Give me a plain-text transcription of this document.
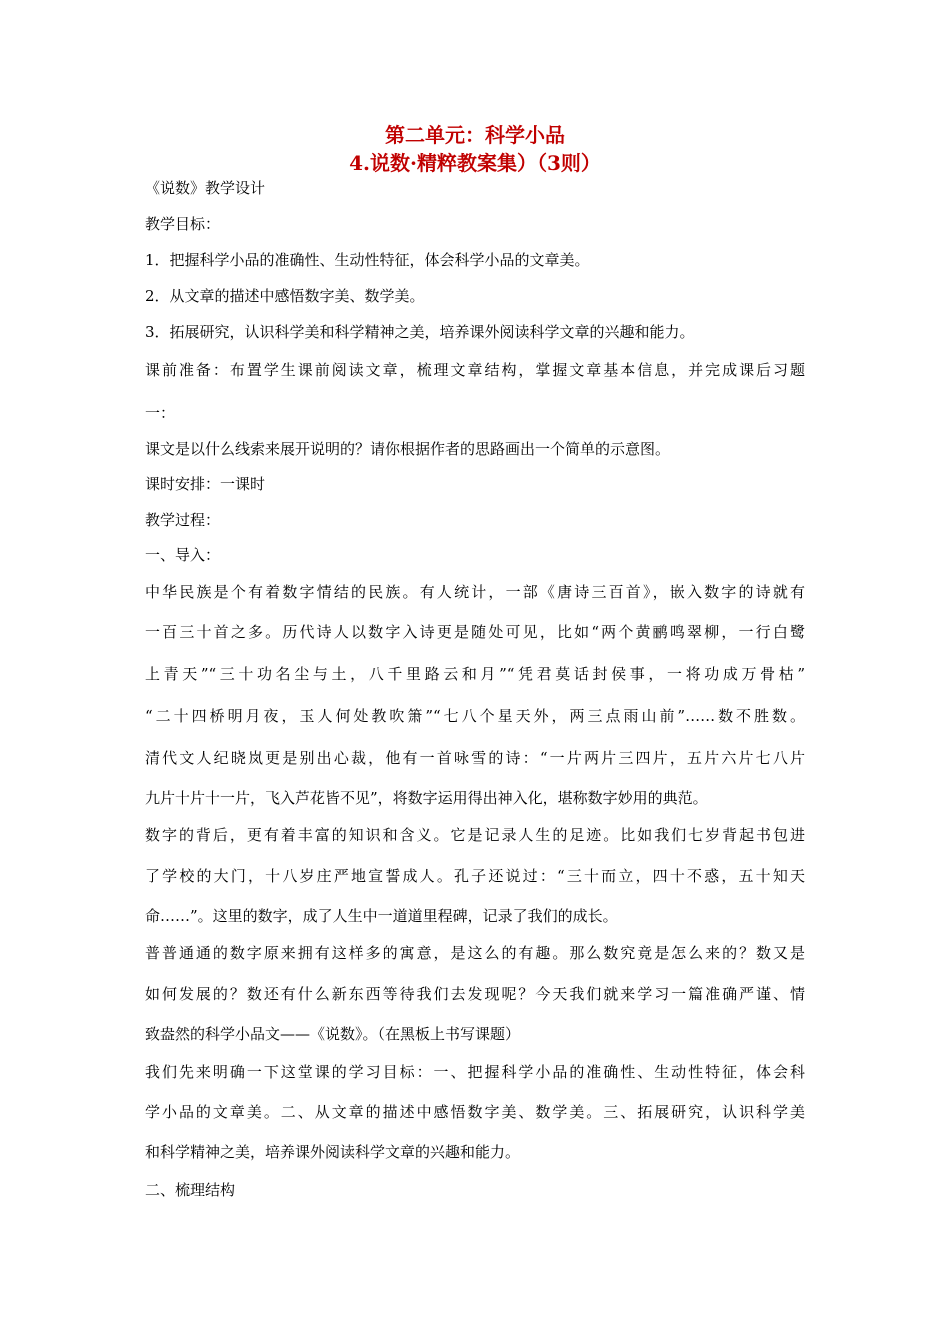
第二单元：科学小品
4.说数·精粹教案集）（3则）
《说数》教学设计
教学目标：
1．把握科学小品的准确性、生动性特征，体会科学小品的文章美。
2．从文章的描述中感悟数字美、数学美。
3．拓展研究，认识科学美和科学精神之美，培养课外阅读科学文章的兴趣和能力。
课前准备：布置学生课前阅读文章，梳理文章结构，掌握文章基本信息，并完成课后习题
一：
课文是以什么线索来展开说明的？请你根据作者的思路画出一个简单的示意图。
课时安排：一课时
教学过程：
一、导入：
中华民族是个有着数字情结的民族。有人统计，一部《唐诗三百首》，嵌入数字的诗就有
一百三十首之多。历代诗人以数字入诗更是随处可见，比如“两个黄鹂鸣翠柳，一行白鹭
上青天”“三十功名尘与土，八千里路云和月”“凭君莫话封侯事，一将功成万骨枯”
“二十四桥明月夜，玉人何处教吹箫”“七八个星天外，两三点雨山前”……数不胜数。
清代文人纪晓岚更是别出心裁，他有一首咏雪的诗：“一片两片三四片，五片六片七八片
九片十片十一片，飞入芦花皆不见”，将数字运用得出神入化，堪称数字妙用的典范。
数字的背后，更有着丰富的知识和含义。它是记录人生的足迹。比如我们七岁背起书包进
了学校的大门，十八岁庄严地宣誓成人。孔子还说过：“三十而立，四十不惑，五十知天
命……”。这里的数字，成了人生中一道道里程碑，记录了我们的成长。
普普通通的数字原来拥有这样多的寓意，是这么的有趣。那么数究竟是怎么来的？数又是
如何发展的？数还有什么新东西等待我们去发现呢？今天我们就来学习一篇准确严谨、情
致盎然的科学小品文——《说数》。（在黑板上书写课题）
我们先来明确一下这堂课的学习目标：一、把握科学小品的准确性、生动性特征，体会科
学小品的文章美。二、从文章的描述中感悟数字美、数学美。三、拓展研究，认识科学美
和科学精神之美，培养课外阅读科学文章的兴趣和能力。
二、梳理结构
